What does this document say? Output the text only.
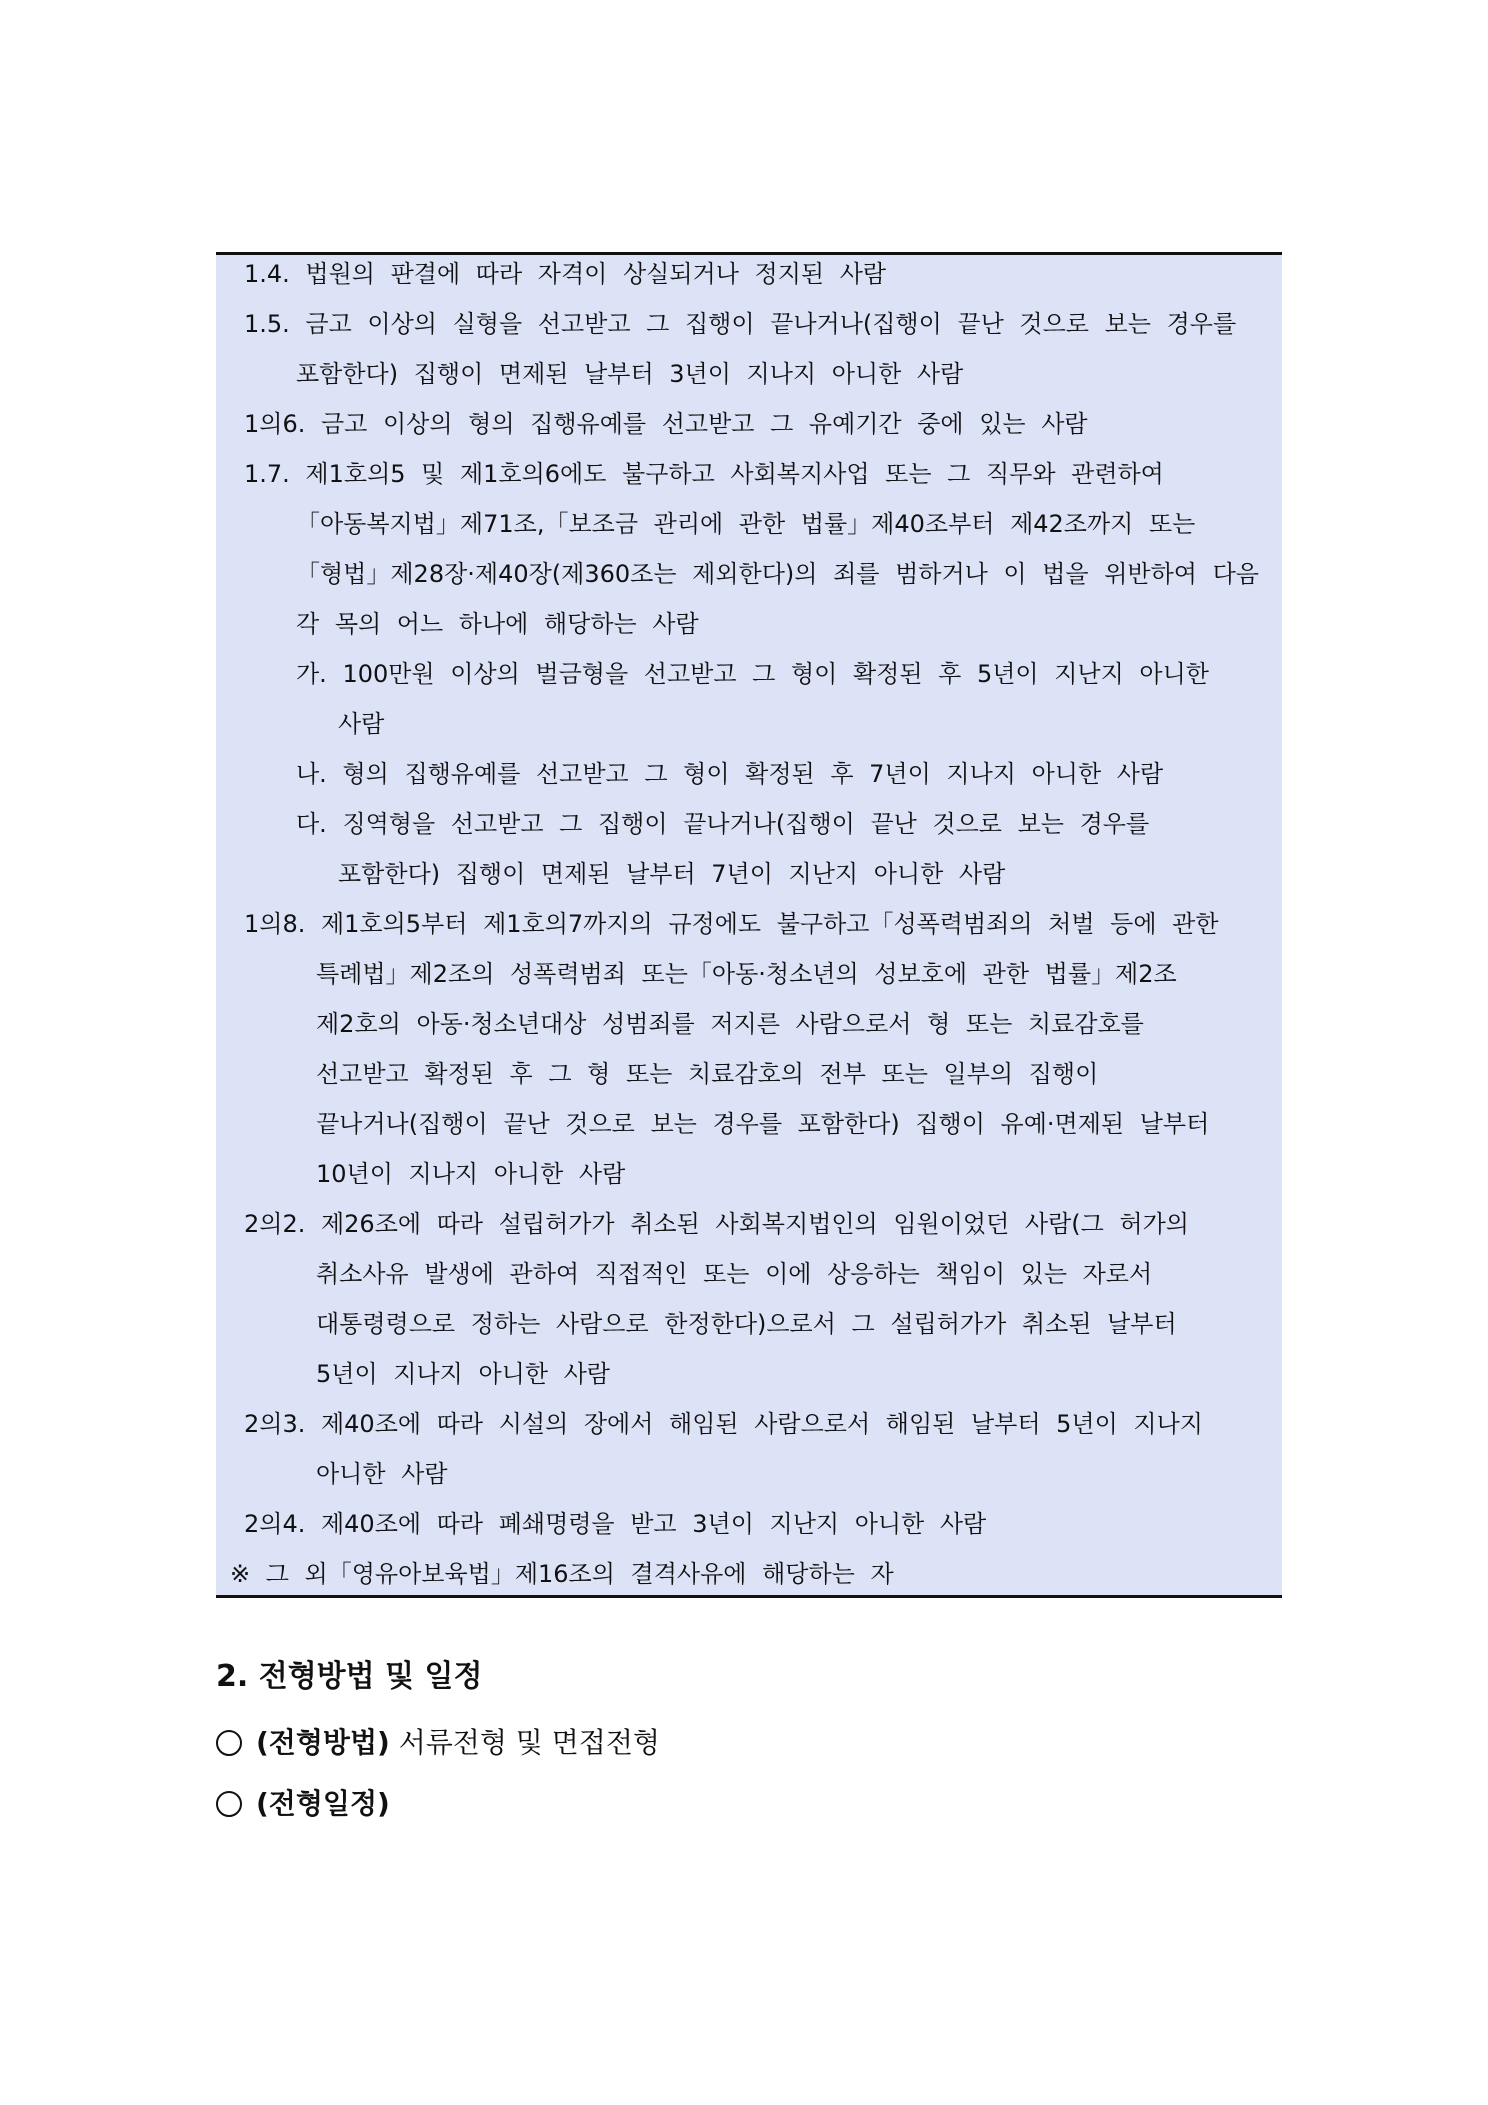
1.4. 법원의 판결에 따라 자격이 상실되거나 정지된 사람
1.5. 금고 이상의 실형을 선고받고 그 집행이 끝나거나(집행이 끝난 것으로 보는 경우를
포함한다) 집행이 면제된 날부터 3년이 지나지 아니한 사람
1의6. 금고 이상의 형의 집행유예를 선고받고 그 유예기간 중에 있는 사람
1.7. 제1호의5 및 제1호의6에도 불구하고 사회복지사업 또는 그 직무와 관련하여
「아동복지법」제71조,「보조금 관리에 관한 법률」제40조부터 제42조까지 또는
「형법」제28장·제40장(제360조는 제외한다)의 죄를 범하거나 이 법을 위반하여 다음
각 목의 어느 하나에 해당하는 사람
가. 100만원 이상의 벌금형을 선고받고 그 형이 확정된 후 5년이 지난지 아니한
사람
나. 형의 집행유예를 선고받고 그 형이 확정된 후 7년이 지나지 아니한 사람
다. 징역형을 선고받고 그 집행이 끝나거나(집행이 끝난 것으로 보는 경우를
포함한다) 집행이 면제된 날부터 7년이 지난지 아니한 사람
1의8. 제1호의5부터 제1호의7까지의 규정에도 불구하고「성폭력범죄의 처벌 등에 관한
특례법」제2조의 성폭력범죄 또는「아동·청소년의 성보호에 관한 법률」제2조
제2호의 아동·청소년대상 성범죄를 저지른 사람으로서 형 또는 치료감호를
선고받고 확정된 후 그 형 또는 치료감호의 전부 또는 일부의 집행이
끝나거나(집행이 끝난 것으로 보는 경우를 포함한다) 집행이 유예·면제된 날부터
10년이 지나지 아니한 사람
2의2. 제26조에 따라 설립허가가 취소된 사회복지법인의 임원이었던 사람(그 허가의
취소사유 발생에 관하여 직접적인 또는 이에 상응하는 책임이 있는 자로서
대통령령으로 정하는 사람으로 한정한다)으로서 그 설립허가가 취소된 날부터
5년이 지나지 아니한 사람
2의3. 제40조에 따라 시설의 장에서 해임된 사람으로서 해임된 날부터 5년이 지나지
아니한 사람
2의4. 제40조에 따라 폐쇄명령을 받고 3년이 지난지 아니한 사람
※ 그 외「영유아보육법」제16조의 결격사유에 해당하는 자
2. 전형방법 및 일정
(전형방법) 서류전형 및 면접전형
(전형일정)
